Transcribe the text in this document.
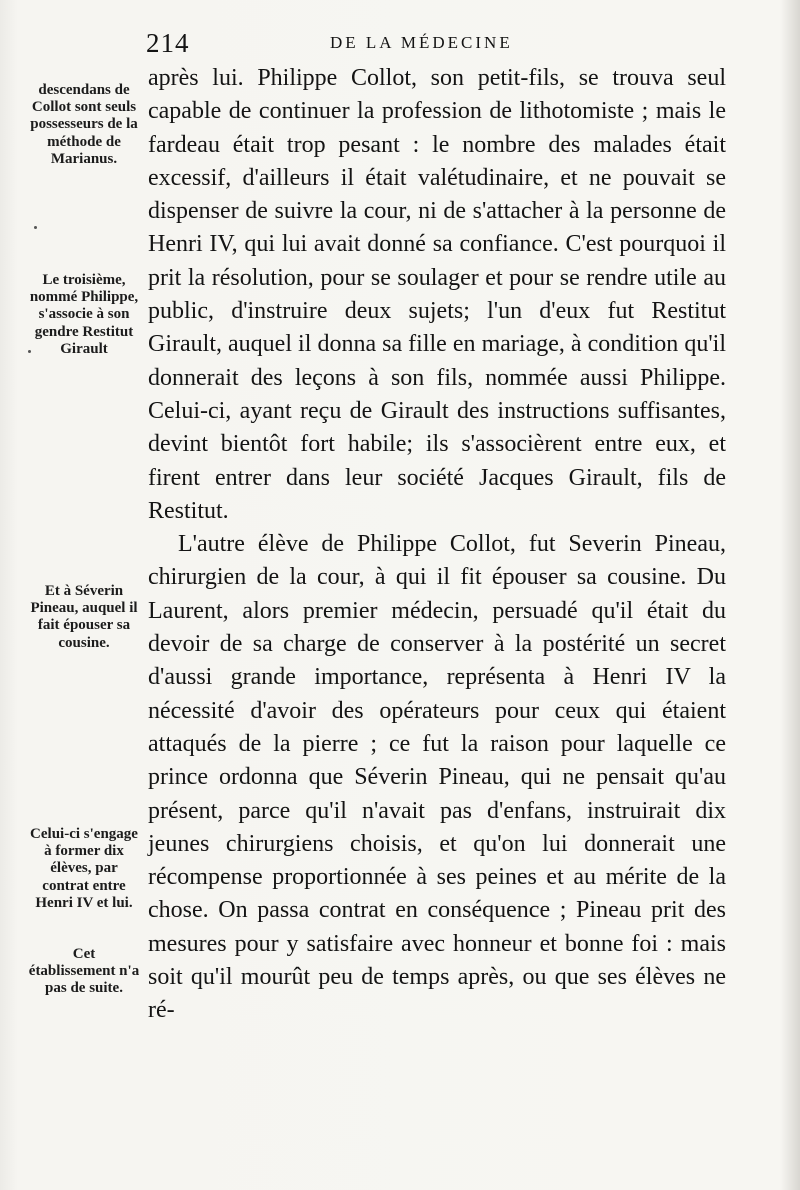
214	DE LA MÉDECINE
descendans de Collot sont seuls possesseurs de la méthode de Marianus.
Le troisième, nommé Philippe, s'associe à son gendre Restitut Girault
Et à Séverin Pineau, auquel il fait épouser sa cousine.
Celui-ci s'engage à former dix élèves, par contrat entre Henri IV et lui.
Cet établissement n'a pas de suite.

après lui. Philippe Collot, son petit-fils, se trouva seul capable de continuer la profession de lithotomiste ; mais le fardeau était trop pesant : le nombre des malades était excessif, d'ailleurs il était valétudinaire, et ne pouvait se dispenser de suivre la cour, ni de s'attacher à la personne de Henri IV, qui lui avait donné sa confiance. C'est pourquoi il prit la résolution, pour se soulager et pour se rendre utile au public, d'instruire deux sujets; l'un d'eux fut Restitut Girault, auquel il donna sa fille en mariage, à condition qu'il donnerait des leçons à son fils, nommée aussi Philippe. Celui-ci, ayant reçu de Girault des instructions suffisantes, devint bientôt fort habile; ils s'associèrent entre eux, et firent entrer dans leur société Jacques Girault, fils de Restitut.

L'autre élève de Philippe Collot, fut Severin Pineau, chirurgien de la cour, à qui il fit épouser sa cousine. Du Laurent, alors premier médecin, persuadé qu'il était du devoir de sa charge de conserver à la postérité un secret d'aussi grande importance, représenta à Henri IV la nécessité d'avoir des opérateurs pour ceux qui étaient attaqués de la pierre ; ce fut la raison pour laquelle ce prince ordonna que Séverin Pineau, qui ne pensait qu'au présent, parce qu'il n'avait pas d'enfans, instruirait dix jeunes chirurgiens choisis, et qu'on lui donnerait une récompense proportionnée à ses peines et au mérite de la chose. On passa contrat en conséquence ; Pineau prit des mesures pour y satisfaire avec honneur et bonne foi : mais soit qu'il mourût peu de temps après, ou que ses élèves ne ré-
